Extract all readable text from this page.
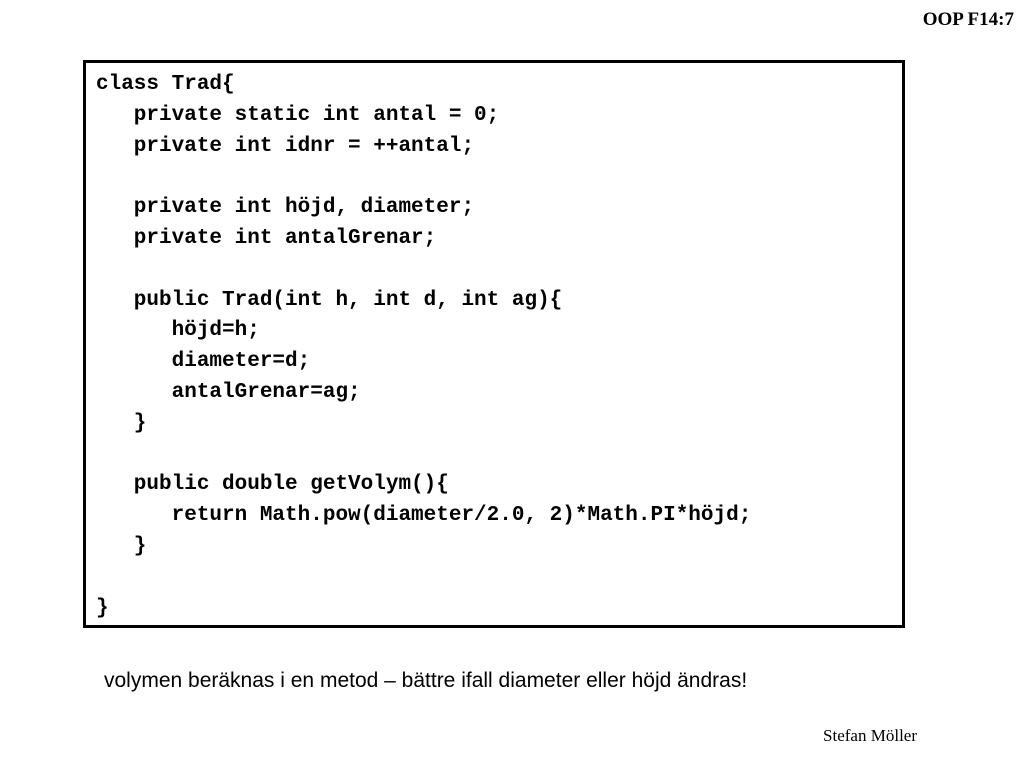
OOP F14:7
class Trad{
private static int antal = 0;
private int idnr = ++antal;
private int höjd, diameter;
private int antalGrenar;
public Trad(int h, int d, int ag){
höjd=h;
diameter=d;
antalGrenar=ag;
}
public double getVolym(){
return Math.pow(diameter/2.0, 2)*Math.PI*höjd;
}
}
volymen beräknas i en metod – bättre ifall diameter eller höjd ändras!
Stefan Möller
